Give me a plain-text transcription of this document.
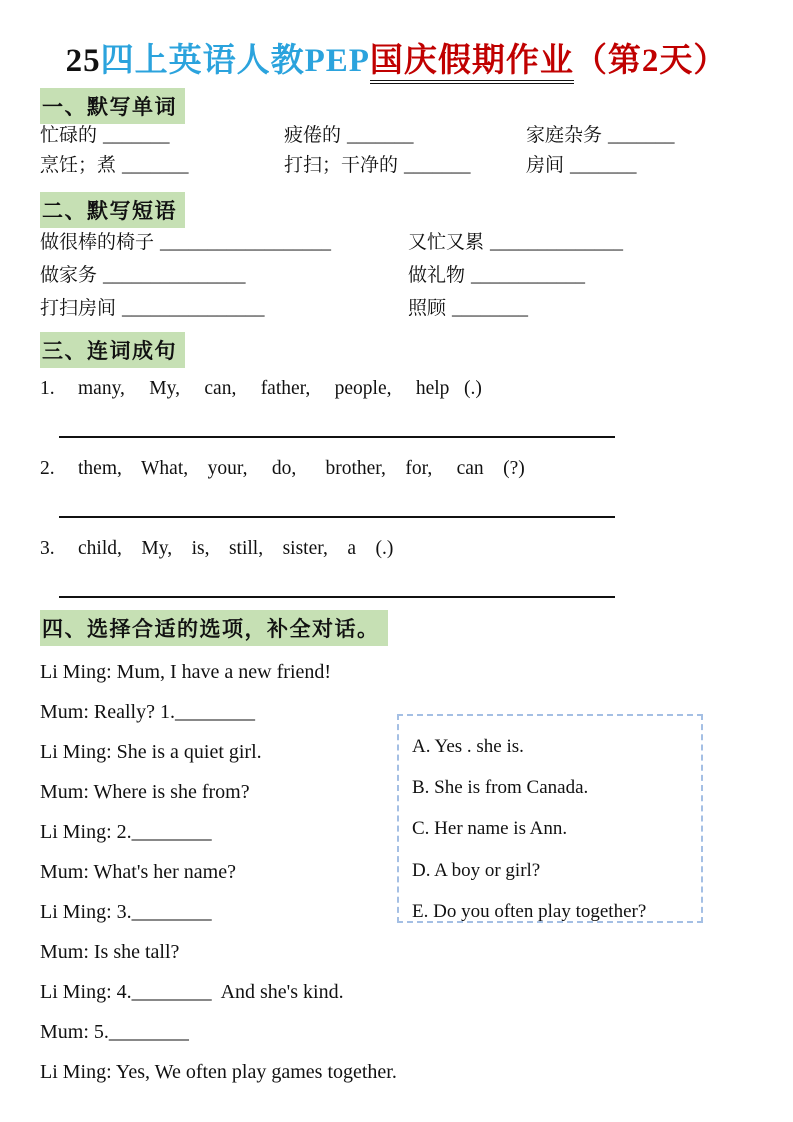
25四上英语人教PEP国庆假期作业（第2天）
一、默写单词
忙碌的 _______	疲倦的 _______	家庭杂务 _______
烹饪；煮 _______	打扫；干净的 _______	房间 _______
二、默写短语
做很棒的椅子 __________________	又忙又累 ______________
做家务 _______________	做礼物 ____________
打扫房间 _______________	照顾 ________
三、连词成句
1.	many,     My,     can,     father,     people,     help   (.)
2.	them,    What,    your,     do,      brother,    for,     can    (?)
3.	child,    My,    is,    still,    sister,    a    (.)
四、选择合适的选项，补全对话。
Li Ming: Mum, I have a new friend!
Mum: Really? 1.________
Li Ming: She is a quiet girl.
Mum: Where is she from?
Li Ming: 2.________
Mum: What's her name?
Li Ming: 3.________
Mum: Is she tall?
Li Ming: 4.________  And she's kind.
Mum: 5.________
Li Ming: Yes, We often play games together.
A. Yes . she is.
B. She is from Canada.
C. Her name is Ann.
D. A boy or girl?
E. Do you often play together?
